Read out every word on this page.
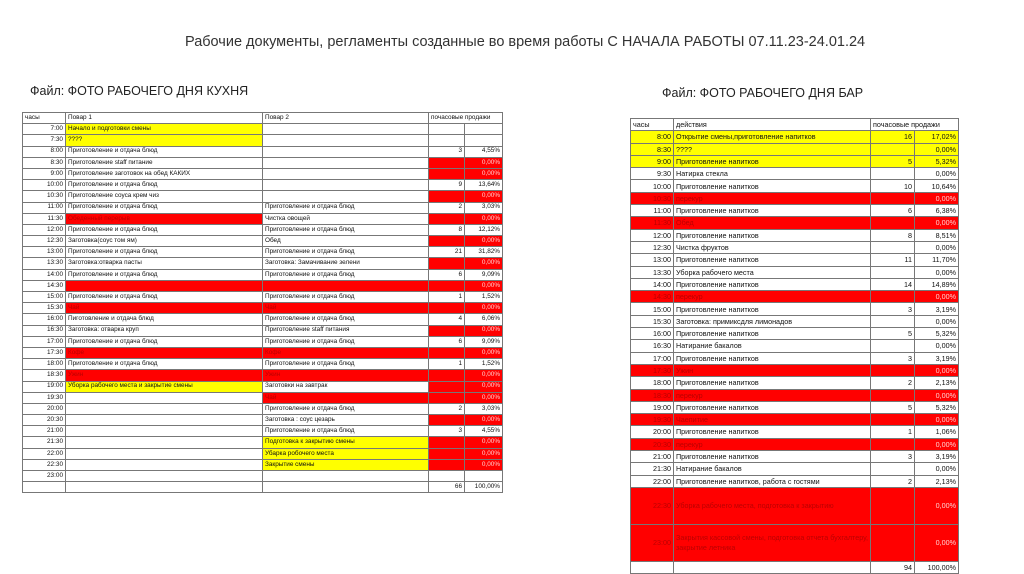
Рабочие документы, регламенты созданные во время работы С НАЧАЛА РАБОТЫ 07.11.23-24.01.24
Файл: ФОТО РАБОЧЕГО ДНЯ КУХНЯ	Файл: ФОТО РАБОЧЕГО ДНЯ БАР
часы	Повар 1	Повар 2	почасовые продажи	
7:00	Начало и подготовки смены			
7:30	????			
8:00	Приготовление и отдача блюд		3	4,55%
8:30	Приготовление staff питание			0,00%
9:00	Приготовление заготовок на обед КАКИХ			0,00%
10:00	Приготовление и отдача блюд		9	13,64%
10:30	Приготовление соуса крем чиз			0,00%
11:00	Приготовление и отдача блюд	Приготовление и отдача блюд	2	3,03%
11:30	Обеденный перерыв	Чистка овощей		0,00%
12:00	Приготовление и отдача блюд	Приготовление и отдача блюд	8	12,12%
12:30	Заготовка(соус том ям)	Обед		0,00%
13:00	Приготовление и отдача блюд	Приготовление и отдача блюд	21	31,82%
13:30	Заготовка:отварка пасты	Заготовка: Замачивание зелени		0,00%
14:00	Приготовление и отдача блюд	Приготовление и отдача блюд	6	9,09%
14:30				0,00%
15:00	Приготовление и отдача блюд	Приготовление и отдача блюд	1	1,52%
15:30	Чай	Чай		0,00%
16:00	Пиготовление и отдача блюд	Приготовление и отдача блюд	4	6,06%
16:30	Заготовка: отварка круп	Приготовление staff питания		0,00%
17:00	Приготовление и отдача блюд	Приготовление и отдача блюд	6	9,09%
17:30	Кофе	Кофе		0,00%
18:00	Приготовление и отдача блюд	Приготовление и отдача блюд	1	1,52%
18:30	Ужин	Ужин		0,00%
19:00	Уборка рабочего места и закрытие смены	Заготовки на завтрак		0,00%
19:30		Чай		0,00%
20:00		Приготовление и отдача блюд	2	3,03%
20:30		Заготовка : соус цезарь		0,00%
21:00		Приготовление и отдача блюд	3	4,55%
21:30		Подготовка к закрытию смены		0,00%
22:00		Убарка робочего места		0,00%
22:30		Закрытие смены		0,00%
23:00				
			66	100,00%
часы	действия	почасовые продажи	
8:00	Открытие смены,приготовление напитков	16	17,02%
8:30	????		0,00%
9:00	Приготовление напитков	5	5,32%
9:30	Натирка стекла		0,00%
10:00	Приготовление напитков	10	10,64%
10:30	перекур		0,00%
11:00	Приготовление напитков	6	6,38%
11:30	Обед		0,00%
12:00	Приготовление напитков	8	8,51%
12:30	Чистка фруктов		0,00%
13:00	Приготовление напитков	11	11,70%
13:30	Уборка рабочего места		0,00%
14:00	Приготовление напитков	14	14,89%
14:30	перекур		0,00%
15:00	Приготовление напитков	3	3,19%
15:30	Заготовка: примиксдля лимонадов		0,00%
16:00	Приготовление напитков	5	5,32%
16:30	Натирание бакалов		0,00%
17:00	Приготовление напитков	3	3,19%
17:30	Ужин		0,00%
18:00	Приготовление напитков	2	2,13%
18:30	перекур		0,00%
19:00	Приготовление напитков	5	5,32%
19:30	Чаепитие		0,00%
20:00	Приготовление напитков	1	1,06%
20:30	перекур		0,00%
21:00	Приготовление напитков	3	3,19%
21:30	Натирание бакалов		0,00%
22:00	Приготовление напитков, работа с гостями	2	2,13%
22:30	Уборка рабочего места, подготовка к закрытию		0,00%
23:00	Закрытия кассовой смены, подготовка отчета бухгалтеру, закрытие летника		0,00%
		94	100,00%
